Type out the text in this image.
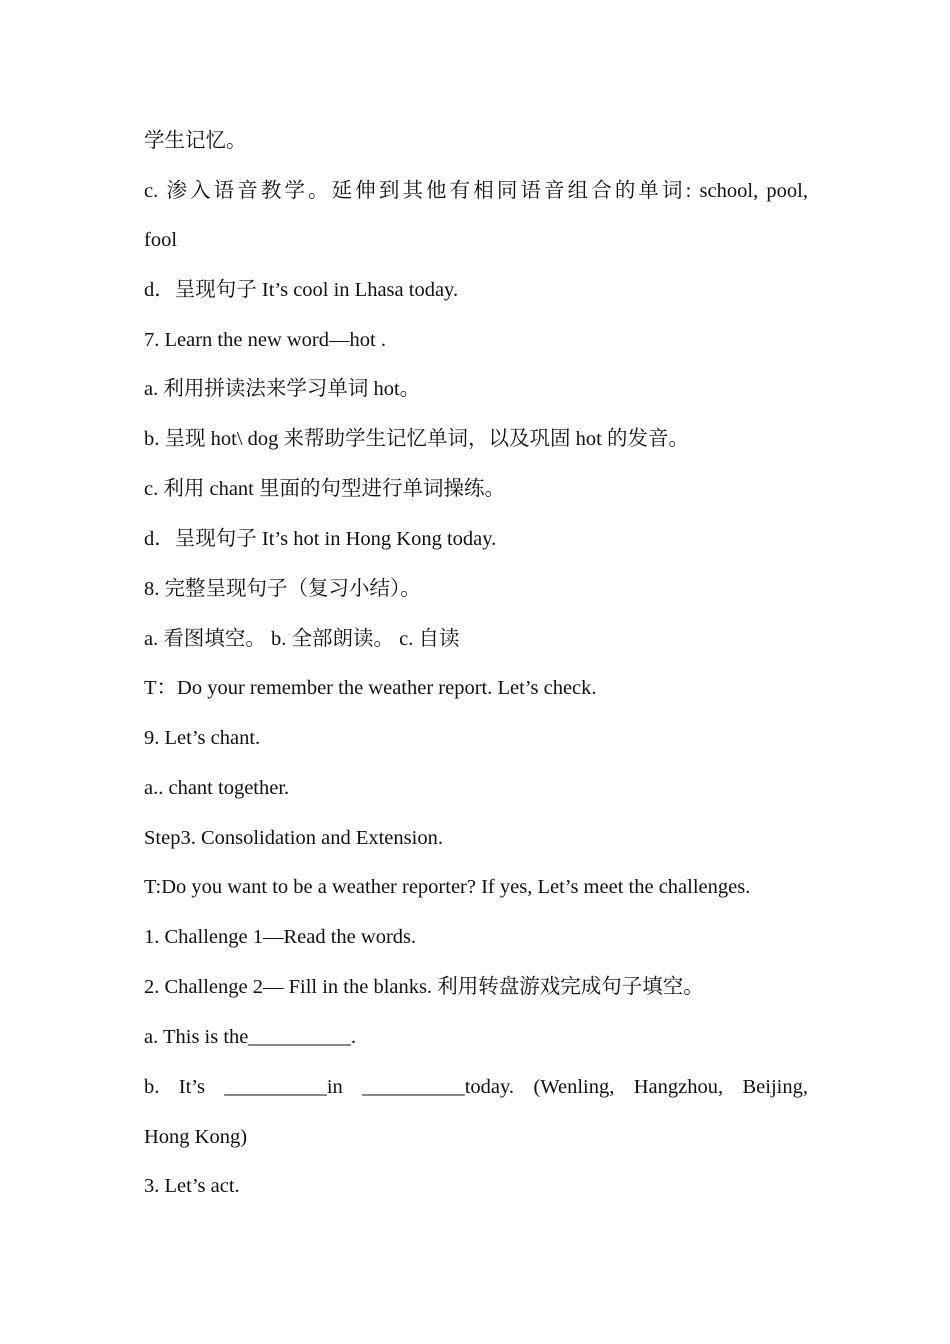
学生记忆。
c. 渗入语音教学。延伸到其他有相同语音组合的单词: school, pool,
fool
d．呈现句子 It’s cool in Lhasa today.
7. Learn the new word—hot .
a. 利用拼读法来学习单词 hot。
b. 呈现 hot\ dog 来帮助学生记忆单词，以及巩固 hot 的发音。
c. 利用 chant 里面的句型进行单词操练。
d．呈现句子 It’s hot in Hong Kong today.
8. 完整呈现句子（复习小结）。
a. 看图填空。 b. 全部朗读。 c. 自读
T：Do your remember the weather report. Let’s check.
9. Let’s chant.
a.. chant together.
Step3. Consolidation and Extension.
T:Do you want to be a weather reporter? If yes, Let’s meet the challenges.
1. Challenge 1—Read the words.
2. Challenge 2— Fill in the blanks. 利用转盘游戏完成句子填空。
a. This is the__________.
b. It’s __________in __________today. (Wenling, Hangzhou, Beijing,
Hong Kong)
3. Let’s act.
